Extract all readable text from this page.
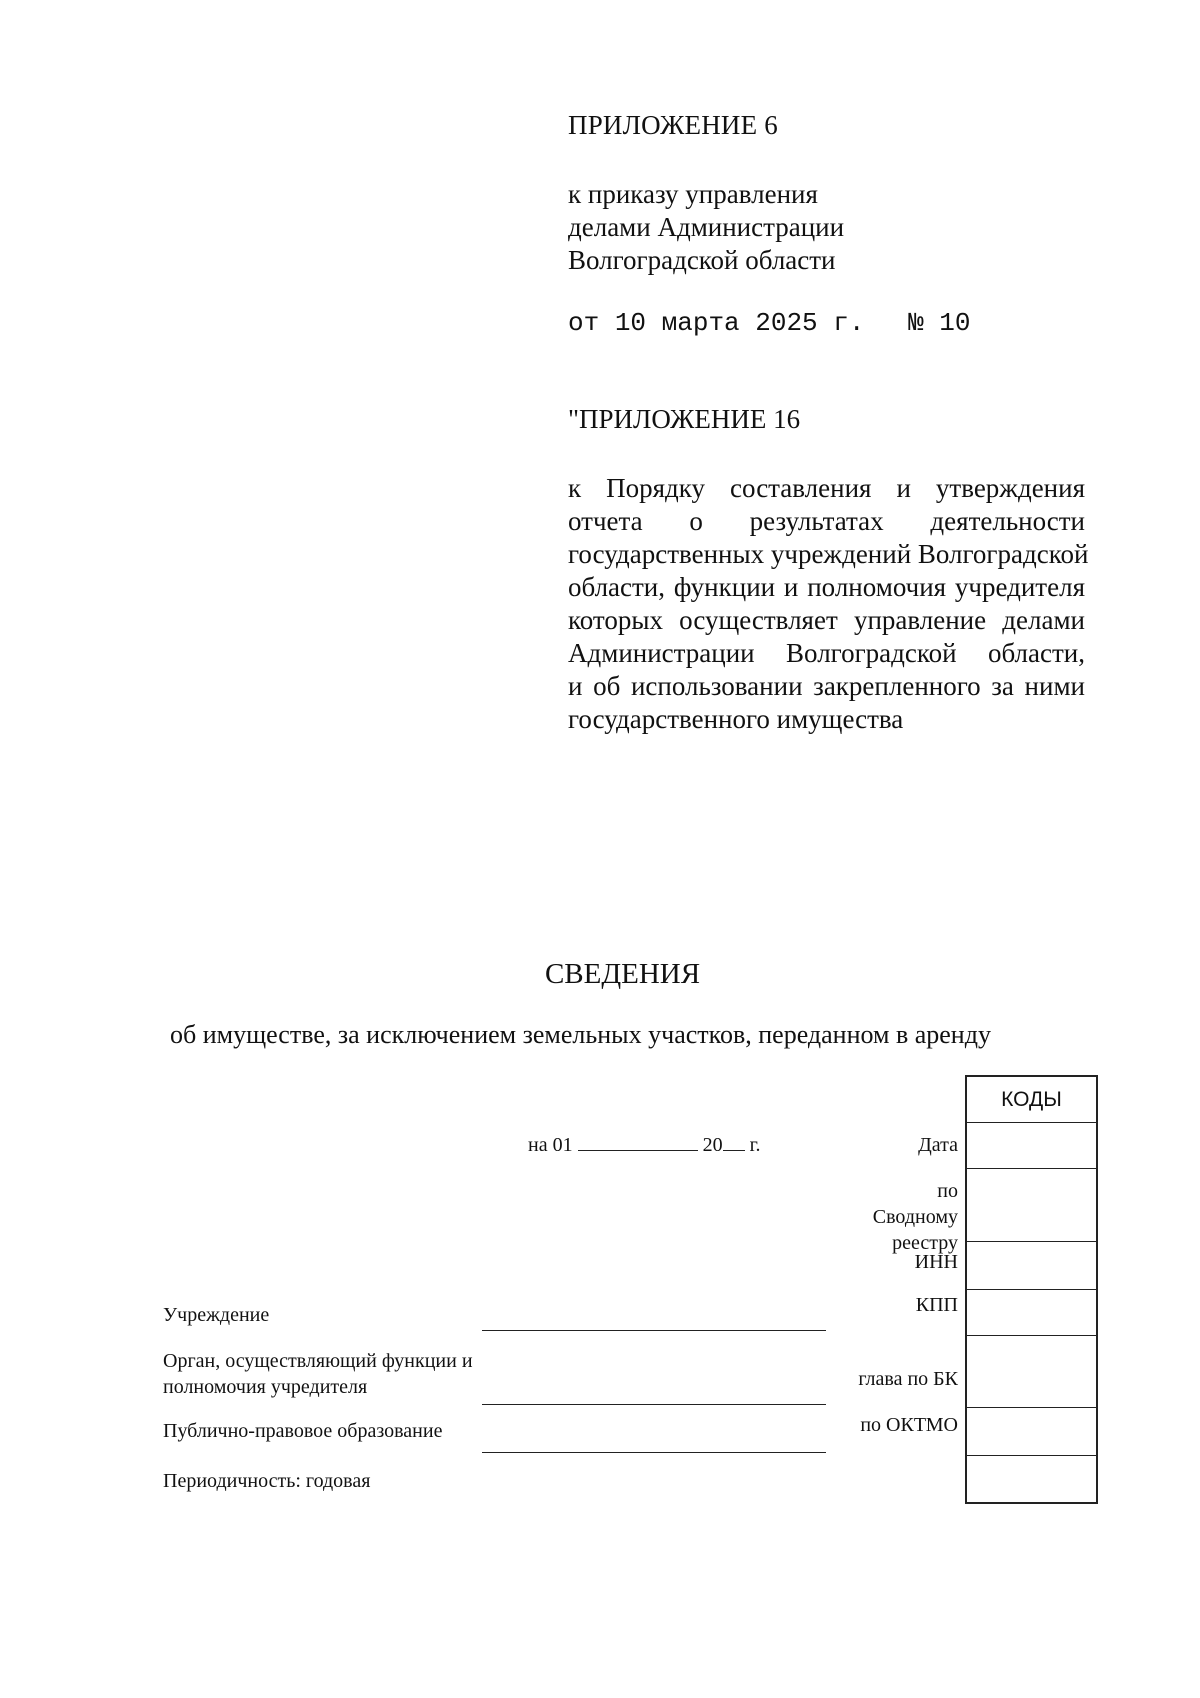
ПРИЛОЖЕНИЕ 6
к приказу управления
делами Администрации
Волгоградской области
от 10 марта 2025 г. № 10
"ПРИЛОЖЕНИЕ 16
к Порядку составления и утверждения
отчета о результатах деятельности
государственных учреждений Волгоградской
области, функции и полномочия учредителя
которых осуществляет управление делами
Администрации Волгоградской области,
и об использовании закрепленного за ними
государственного имущества
СВЕДЕНИЯ
об имуществе, за исключением земельных участков, переданном в аренду
КОДЫ
на 01	20 г.	Дата
по Сводному реестру
ИНН
КПП
глава по БК
по ОКТМО
Учреждение
Орган, осуществляющий функции и полномочия учредителя
Публично-правовое образование
Периодичность: годовая
